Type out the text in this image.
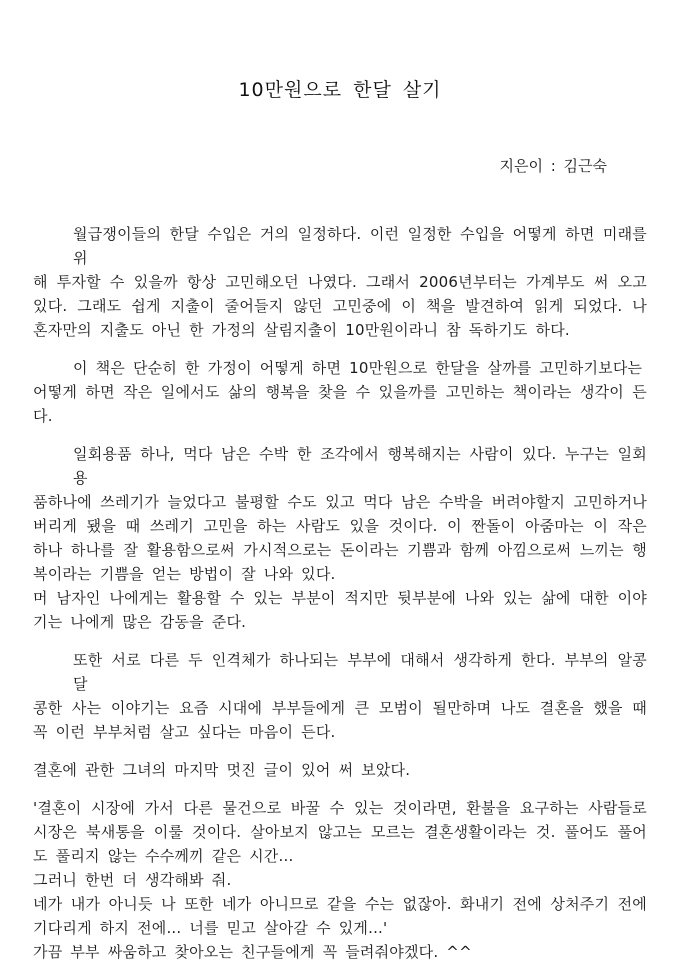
10만원으로 한달 살기
지은이 : 김근숙
월급쟁이들의 한달 수입은 거의 일정하다. 이런 일정한 수입을 어떻게 하면 미래를 위
해 투자할 수 있을까 항상 고민해오던 나였다. 그래서 2006년부터는 가계부도 써 오고
있다. 그래도 쉽게 지출이 줄어들지 않던 고민중에 이 책을 발견하여 읽게 되었다. 나
혼자만의 지출도 아닌 한 가정의 살림지출이 10만원이라니 참 독하기도 하다.
이 책은 단순히 한 가정이 어떻게 하면 10만원으로 한달을 살까를 고민하기보다는
어떻게 하면 작은 일에서도 삶의 행복을 찾을 수 있을까를 고민하는 책이라는 생각이 든
다.
일회용품 하나, 먹다 남은 수박 한 조각에서 행복해지는 사람이 있다. 누구는 일회용
품하나에 쓰레기가 늘었다고 불평할 수도 있고 먹다 남은 수박을 버려야할지 고민하거나
버리게 됐을 때 쓰레기 고민을 하는 사람도 있을 것이다. 이 짠돌이 아줌마는 이 작은
하나 하나를 잘 활용함으로써 가시적으로는 돈이라는 기쁨과 함께 아낌으로써 느끼는 행
복이라는 기쁨을 얻는 방법이 잘 나와 있다.
머 남자인 나에게는 활용할 수 있는 부분이 적지만 뒷부분에 나와 있는 삶에 대한 이야
기는 나에게 많은 감동을 준다.
또한 서로 다른 두 인격체가 하나되는 부부에 대해서 생각하게 한다. 부부의 알콩 달
콩한 사는 이야기는 요즘 시대에 부부들에게 큰 모범이 될만하며 나도 결혼을 했을 때
꼭 이런 부부처럼 살고 싶다는 마음이 든다.
결혼에 관한 그녀의 마지막 멋진 글이 있어 써 보았다.
'결혼이 시장에 가서 다른 물건으로 바꿀 수 있는 것이라면, 환불을 요구하는 사람들로
시장은 북새통을 이룰 것이다. 살아보지 않고는 모르는 결혼생활이라는 것. 풀어도 풀어
도 풀리지 않는 수수께끼 같은 시간...
그러니 한번 더 생각해봐 줘.
네가 내가 아니듯 나 또한 네가 아니므로 같을 수는 없잖아. 화내기 전에 상처주기 전에
기다리게 하지 전에... 너를 믿고 살아갈 수 있게...'
가끔 부부 싸움하고 찾아오는 친구들에게 꼭 들려줘야겠다. ^^
